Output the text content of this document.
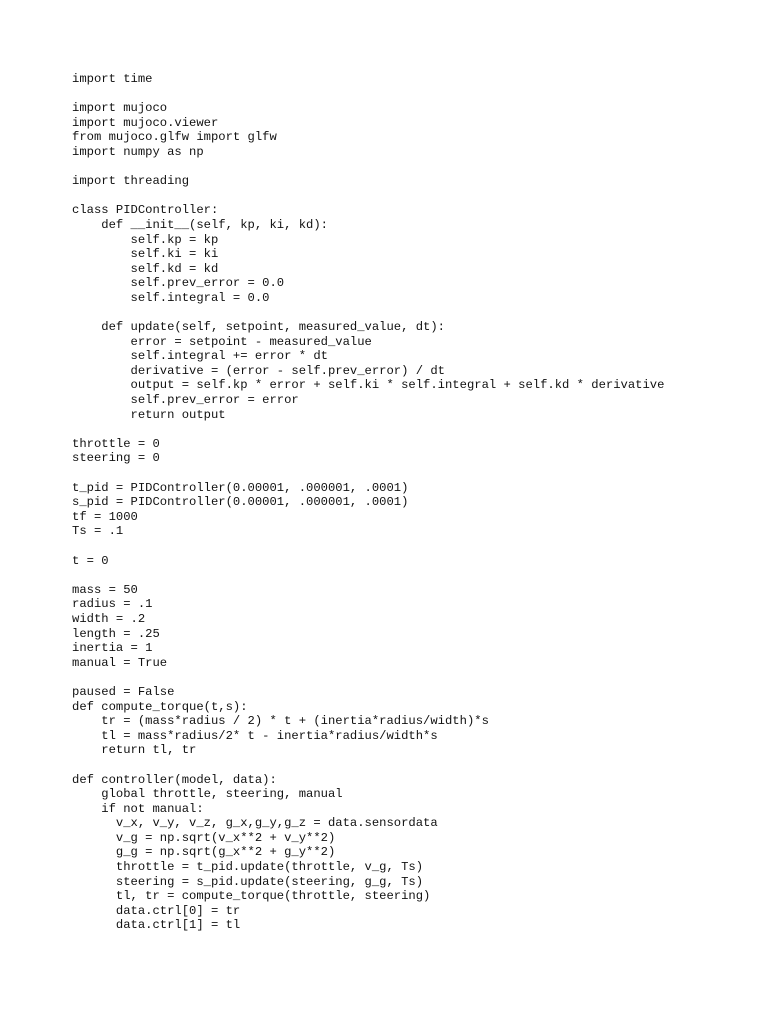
import time
import mujoco
import mujoco.viewer
from mujoco.glfw import glfw
import numpy as np
import threading
class PIDController:
def __init__(self, kp, ki, kd):
self.kp = kp
self.ki = ki
self.kd = kd
self.prev_error = 0.0
self.integral = 0.0
def update(self, setpoint, measured_value, dt):
error = setpoint - measured_value
self.integral += error * dt
derivative = (error - self.prev_error) / dt
output = self.kp * error + self.ki * self.integral + self.kd * derivative
self.prev_error = error
return output
throttle = 0
steering = 0
t_pid = PIDController(0.00001, .000001, .0001)
s_pid = PIDController(0.00001, .000001, .0001)
tf = 1000
Ts = .1
t = 0
mass = 50
radius = .1
width = .2
length = .25
inertia = 1
manual = True
paused = False
def compute_torque(t,s):
tr = (mass*radius / 2) * t + (inertia*radius/width)*s
tl = mass*radius/2* t - inertia*radius/width*s
return tl, tr
def controller(model, data):
global throttle, steering, manual
if not manual:
v_x, v_y, v_z, g_x,g_y,g_z = data.sensordata
v_g = np.sqrt(v_x**2 + v_y**2)
g_g = np.sqrt(g_x**2 + g_y**2)
throttle = t_pid.update(throttle, v_g, Ts)
steering = s_pid.update(steering, g_g, Ts)
tl, tr = compute_torque(throttle, steering)
data.ctrl[0] = tr
data.ctrl[1] = tl
